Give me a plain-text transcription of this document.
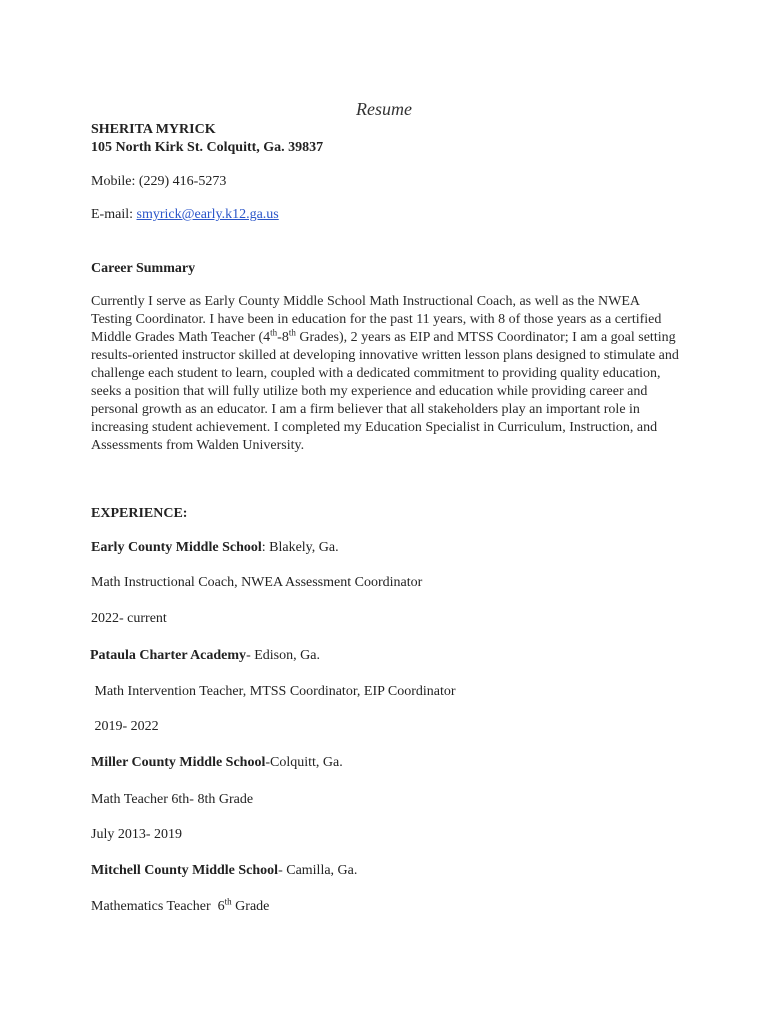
Resume
SHERITA MYRICK
105 North Kirk St. Colquitt, Ga. 39837
Mobile: (229) 416-5273
E-mail: smyrick@early.k12.ga.us
Career Summary
Currently I serve as Early County Middle School Math Instructional Coach, as well as the NWEA Testing Coordinator. I have been in education for the past 11 years, with 8 of those years as a certified Middle Grades Math Teacher (4th-8th Grades), 2 years as EIP and MTSS Coordinator; I am a goal setting results-oriented instructor skilled at developing innovative written lesson plans designed to stimulate and challenge each student to learn, coupled with a dedicated commitment to providing quality education, seeks a position that will fully utilize both my experience and education while providing career and personal growth as an educator. I am a firm believer that all stakeholders play an important role in increasing student achievement. I completed my Education Specialist in Curriculum, Instruction, and Assessments from Walden University.
EXPERIENCE:
Early County Middle School: Blakely, Ga.
Math Instructional Coach, NWEA Assessment Coordinator
2022- current
Pataula Charter Academy- Edison, Ga.
Math Intervention Teacher, MTSS Coordinator, EIP Coordinator
2019- 2022
Miller County Middle School-Colquitt, Ga.
Math Teacher 6th- 8th Grade
July 2013- 2019
Mitchell County Middle School- Camilla, Ga.
Mathematics Teacher  6th Grade
